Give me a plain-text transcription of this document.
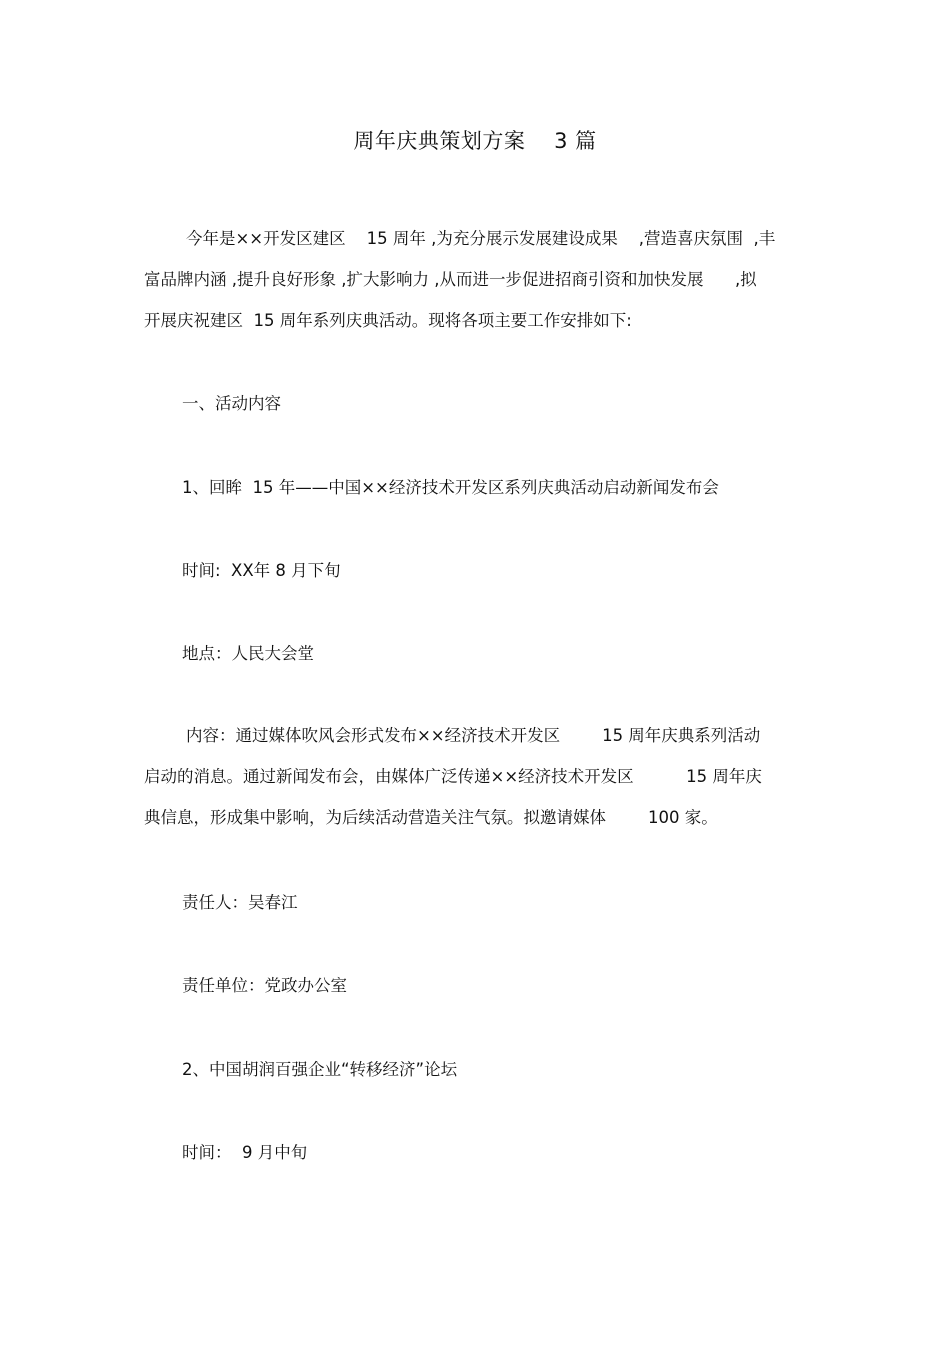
周年庆典策划方案    3 篇
今年是××开发区建区    15 周年 ,为充分展示发展建设成果    ,营造喜庆氛围  ,丰
富品牌内涵 ,提升良好形象 ,扩大影响力 ,从而进一步促进招商引资和加快发展      ,拟
开展庆祝建区  15 周年系列庆典活动。现将各项主要工作安排如下:
一、活动内容
1、回眸  15 年——中国××经济技术开发区系列庆典活动启动新闻发布会
时间:  XX年 8 月下旬
地点：人民大会堂
内容：通过媒体吹风会形式发布××经济技术开发区        15 周年庆典系列活动
启动的消息。通过新闻发布会，由媒体广泛传递××经济技术开发区          15 周年庆
典信息，形成集中影响，为后续活动营造关注气氛。拟邀请媒体        100 家。
责任人：吴春江
责任单位：党政办公室
2、中国胡润百强企业“转移经济”论坛
时间：  9 月中旬
